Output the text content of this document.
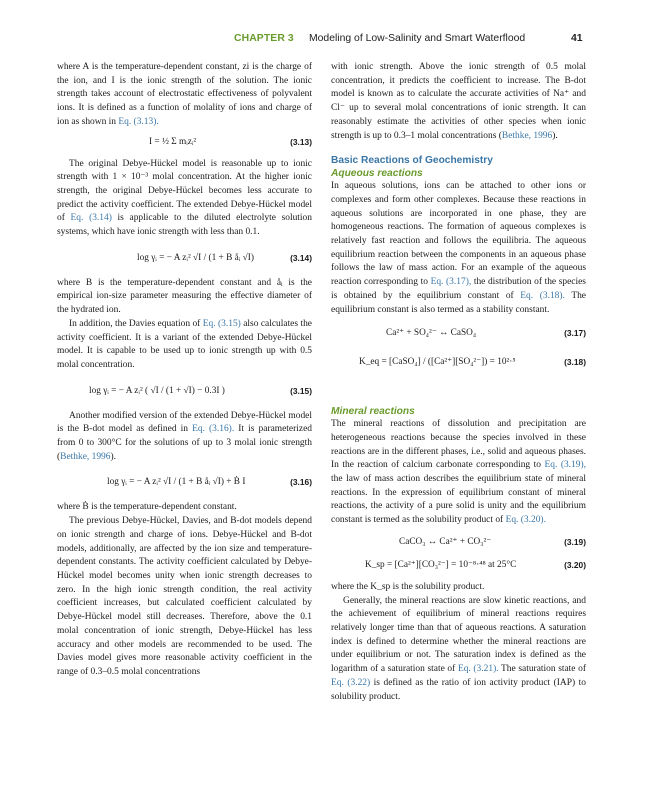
CHAPTER 3 Modeling of Low-Salinity and Smart Waterflood	41

where A is the temperature-dependent constant, zi is the charge of the ion, and I is the ionic strength of the solution. The ionic strength takes account of electrostatic effectiveness of polyvalent ions. It is defined as a function of molality of ions and charge of ion as shown in Eq. (3.13).

I = ½ Σ mᵢzᵢ²	(3.13)

The original Debye-Hückel model is reasonable up to ionic strength with 1 × 10⁻³ molal concentration. At the higher ionic strength, the original Debye-Hückel becomes less accurate to predict the activity coefficient. The extended Debye-Hückel model of Eq. (3.14) is applicable to the diluted electrolyte solution systems, which have ionic strength with less than 0.1.

log γᵢ = − A zᵢ² √I / (1 + B åᵢ √I)	(3.14)

where B is the temperature-dependent constant and åᵢ is the empirical ion-size parameter measuring the effective diameter of the hydrated ion.

In addition, the Davies equation of Eq. (3.15) also calculates the activity coefficient. It is a variant of the extended Debye-Hückel model. It is capable to be used up to ionic strength up with 0.5 molal concentration.

log γᵢ = − A zᵢ² ( √I / (1 + √I) − 0.3I )	(3.15)

Another modified version of the extended Debye-Hückel model is the B-dot model as defined in Eq. (3.16). It is parameterized from 0 to 300°C for the solutions of up to 3 molal ionic strength (Bethke, 1996).

log γᵢ = − A zᵢ² √I / (1 + B åᵢ √I) + Ḃ I	(3.16)

where Ḃ is the temperature-dependent constant.

The previous Debye-Hückel, Davies, and B-dot models depend on ionic strength and charge of ions. Debye-Hückel and B-dot models, additionally, are affected by the ion size and temperature-dependent constants. The activity coefficient calculated by Debye-Hückel model becomes unity when ionic strength decreases to zero. In the high ionic strength condition, the real activity coefficient increases, but calculated coefficient calculated by Debye-Hückel model still decreases. Therefore, above the 0.1 molal concentration of ionic strength, Debye-Hückel has less accuracy and other models are recommended to be used. The Davies model gives more reasonable activity coefficient in the range of 0.3–0.5 molal concentrations

with ionic strength. Above the ionic strength of 0.5 molal concentration, it predicts the coefficient to increase. The B-dot model is known as to calculate the accurate activities of Na⁺ and Cl⁻ up to several molal concentrations of ionic strength. It can reasonably estimate the activities of other species when ionic strength is up to 0.3–1 molal concentrations (Bethke, 1996).

Basic Reactions of Geochemistry
Aqueous reactions

In aqueous solutions, ions can be attached to other ions or complexes and form other complexes. Because these reactions in aqueous solutions are incorporated in one phase, they are homogeneous reactions. The formation of aqueous complexes is relatively fast reaction and follows the equilibria. The aqueous equilibrium reaction between the components in an aqueous phase follows the law of mass action. For an example of the aqueous reaction corresponding to Eq. (3.17), the distribution of the species is obtained by the equilibrium constant of Eq. (3.18). The equilibrium constant is also termed as a stability constant.

Ca²⁺ + SO₄²⁻ ↔ CaSO₄	(3.17)
K_eq = [CaSO₄] / ([Ca²⁺][SO₄²⁻]) = 10²·⁵	(3.18)
Mineral reactions

The mineral reactions of dissolution and precipitation are heterogeneous reactions because the species involved in these reactions are in the different phases, i.e., solid and aqueous phases. In the reaction of calcium carbonate corresponding to Eq. (3.19), the law of mass action describes the equilibrium state of mineral reactions. In the expression of equilibrium constant of mineral reactions, the activity of a pure solid is unity and the equilibrium constant is termed as the solubility product of Eq. (3.20).

CaCO₃ ↔ Ca²⁺ + CO₃²⁻	(3.19)
K_sp = [Ca²⁺][CO₃²⁻] = 10⁻⁸·⁴⁸ at 25°C	(3.20)

where the K_sp is the solubility product.

Generally, the mineral reactions are slow kinetic reactions, and the achievement of equilibrium of mineral reactions requires relatively longer time than that of aqueous reactions. A saturation index is defined to determine whether the mineral reactions are under equilibrium or not. The saturation index is defined as the logarithm of a saturation state of Eq. (3.21). The saturation state of Eq. (3.22) is defined as the ratio of ion activity product (IAP) to solubility product.
